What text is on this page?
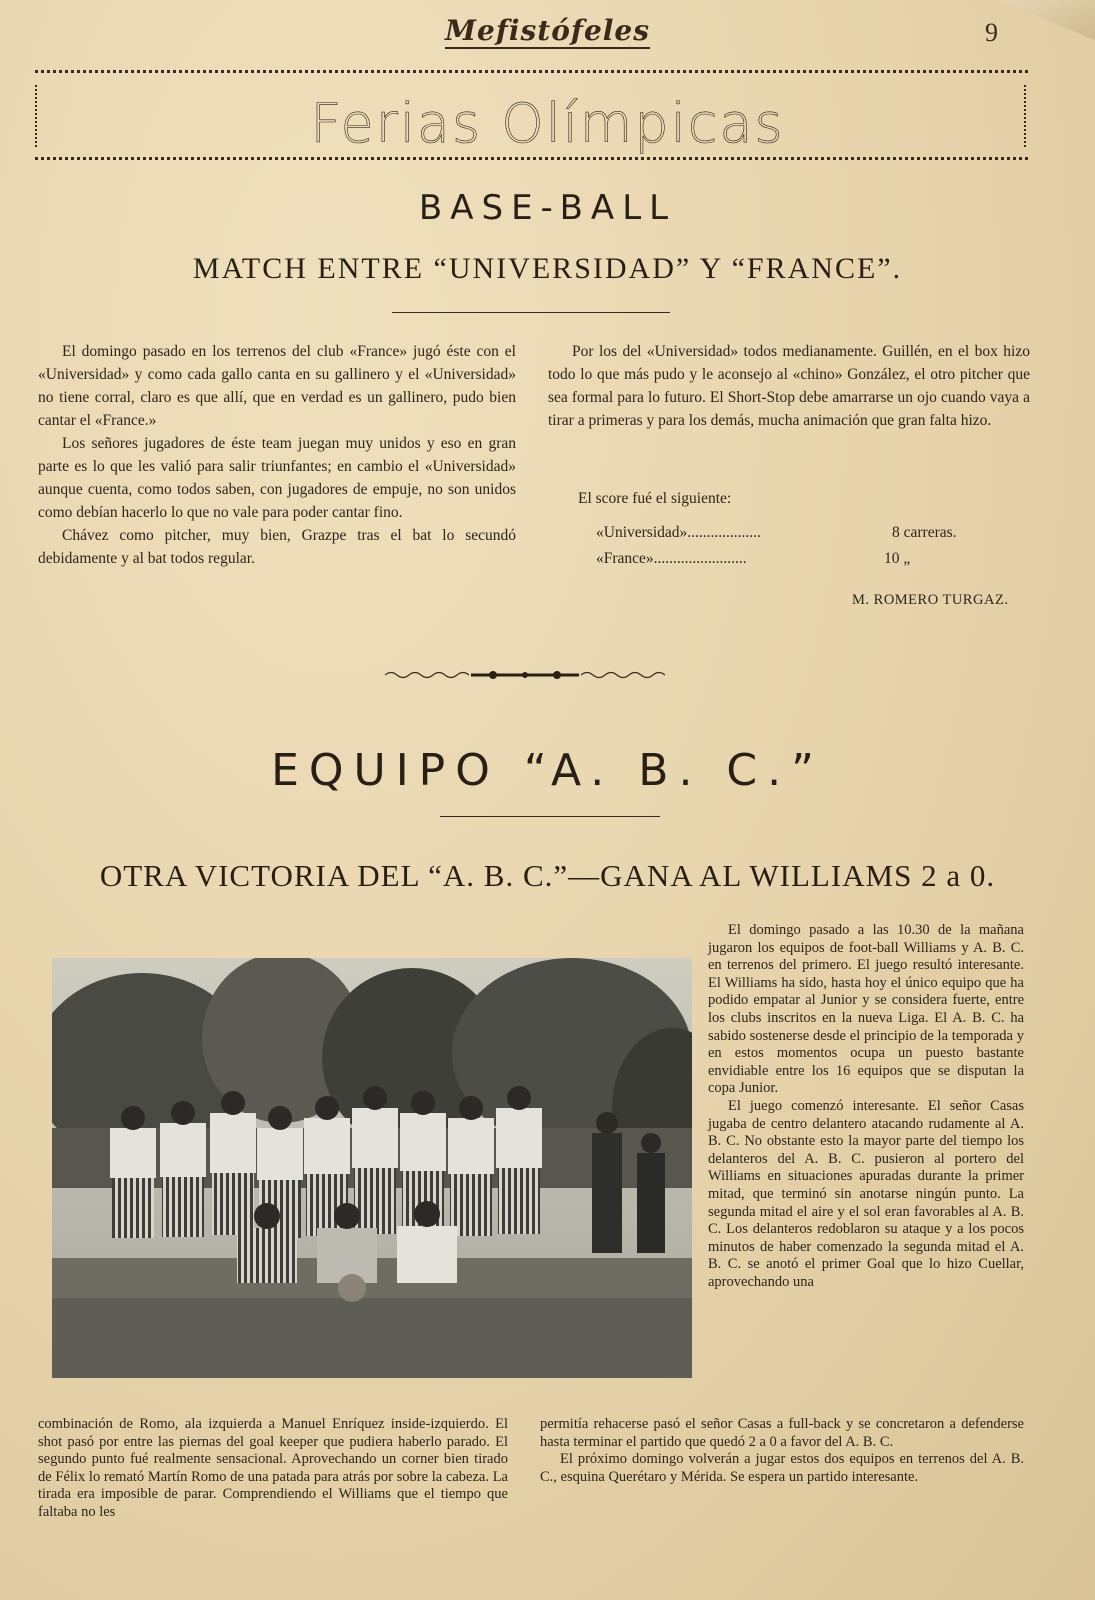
Mefistófeles	9
Ferias Olímpicas
BASE-BALL
MATCH ENTRE “UNIVERSIDAD” Y “FRANCE”.

El domingo pasado en los terrenos del club «France» jugó éste con el «Universidad» y como cada gallo canta en su gallinero y el «Universidad» no tiene corral, claro es que allí, que en verdad es un gallinero, pudo bien cantar el «France.»

Los señores jugadores de éste team juegan muy unidos y eso en gran parte es lo que les valió para salir triunfantes; en cambio el «Universidad» aunque cuenta, como todos saben, con jugadores de empuje, no son unidos como debían hacerlo lo que no vale para poder cantar fino.

Chávez como pitcher, muy bien, Grazpe tras el bat lo secundó debidamente y al bat todos regular.

Por los del «Universidad» todos medianamente. Guillén, en el box hizo todo lo que más pudo y le aconsejo al «chino» González, el otro pitcher que sea formal para lo futuro. El Short-Stop debe amarrarse un ojo cuando vaya a tirar a primeras y para los demás, mucha animación que gran falta hizo.

El score fué el siguiente:
«Universidad»...................	8 carreras.
«France»........................	10 „
M. ROMERO TURGAZ.
EQUIPO “A. B. C.”
OTRA VICTORIA DEL “A. B. C.”—GANA AL WILLIAMS 2 a 0.

El domingo pasado a las 10.30 de la mañana jugaron los equipos de foot-ball Williams y A. B. C. en terrenos del primero. El juego resultó interesante. El Williams ha sido, hasta hoy el único equipo que ha podido empatar al Junior y se considera fuerte, entre los clubs inscritos en la nueva Liga. El A. B. C. ha sabido sostenerse desde el principio de la temporada y en estos momentos ocupa un puesto bastante envidiable entre los 16 equipos que se disputan la copa Junior.

El juego comenzó interesante. El señor Casas jugaba de centro delantero atacando rudamente al A. B. C. No obstante esto la mayor parte del tiempo los delanteros del A. B. C. pusieron al portero del Williams en situaciones apuradas durante la primer mitad, que terminó sin anotarse ningún punto. La segunda mitad el aire y el sol eran favorables al A. B. C. Los delanteros redoblaron su ataque y a los pocos minutos de haber comenzado la segunda mitad el A. B. C. se anotó el primer Goal que lo hizo Cuellar, aprovechando una

combinación de Romo, ala izquierda a Manuel Enríquez inside-izquierdo. El shot pasó por entre las piernas del goal keeper que pudiera haberlo parado. El segundo punto fué realmente sensacional. Aprovechando un corner bien tirado de Félix lo remató Martín Romo de una patada para atrás por sobre la cabeza. La tirada era imposible de parar. Comprendiendo el Williams que el tiempo que faltaba no les

permitía rehacerse pasó el señor Casas a full-back y se concretaron a defenderse hasta terminar el partido que quedó 2 a 0 a favor del A. B. C.

El próximo domingo volverán a jugar estos dos equipos en terrenos del A. B. C., esquina Querétaro y Mérida. Se espera un partido interesante.
